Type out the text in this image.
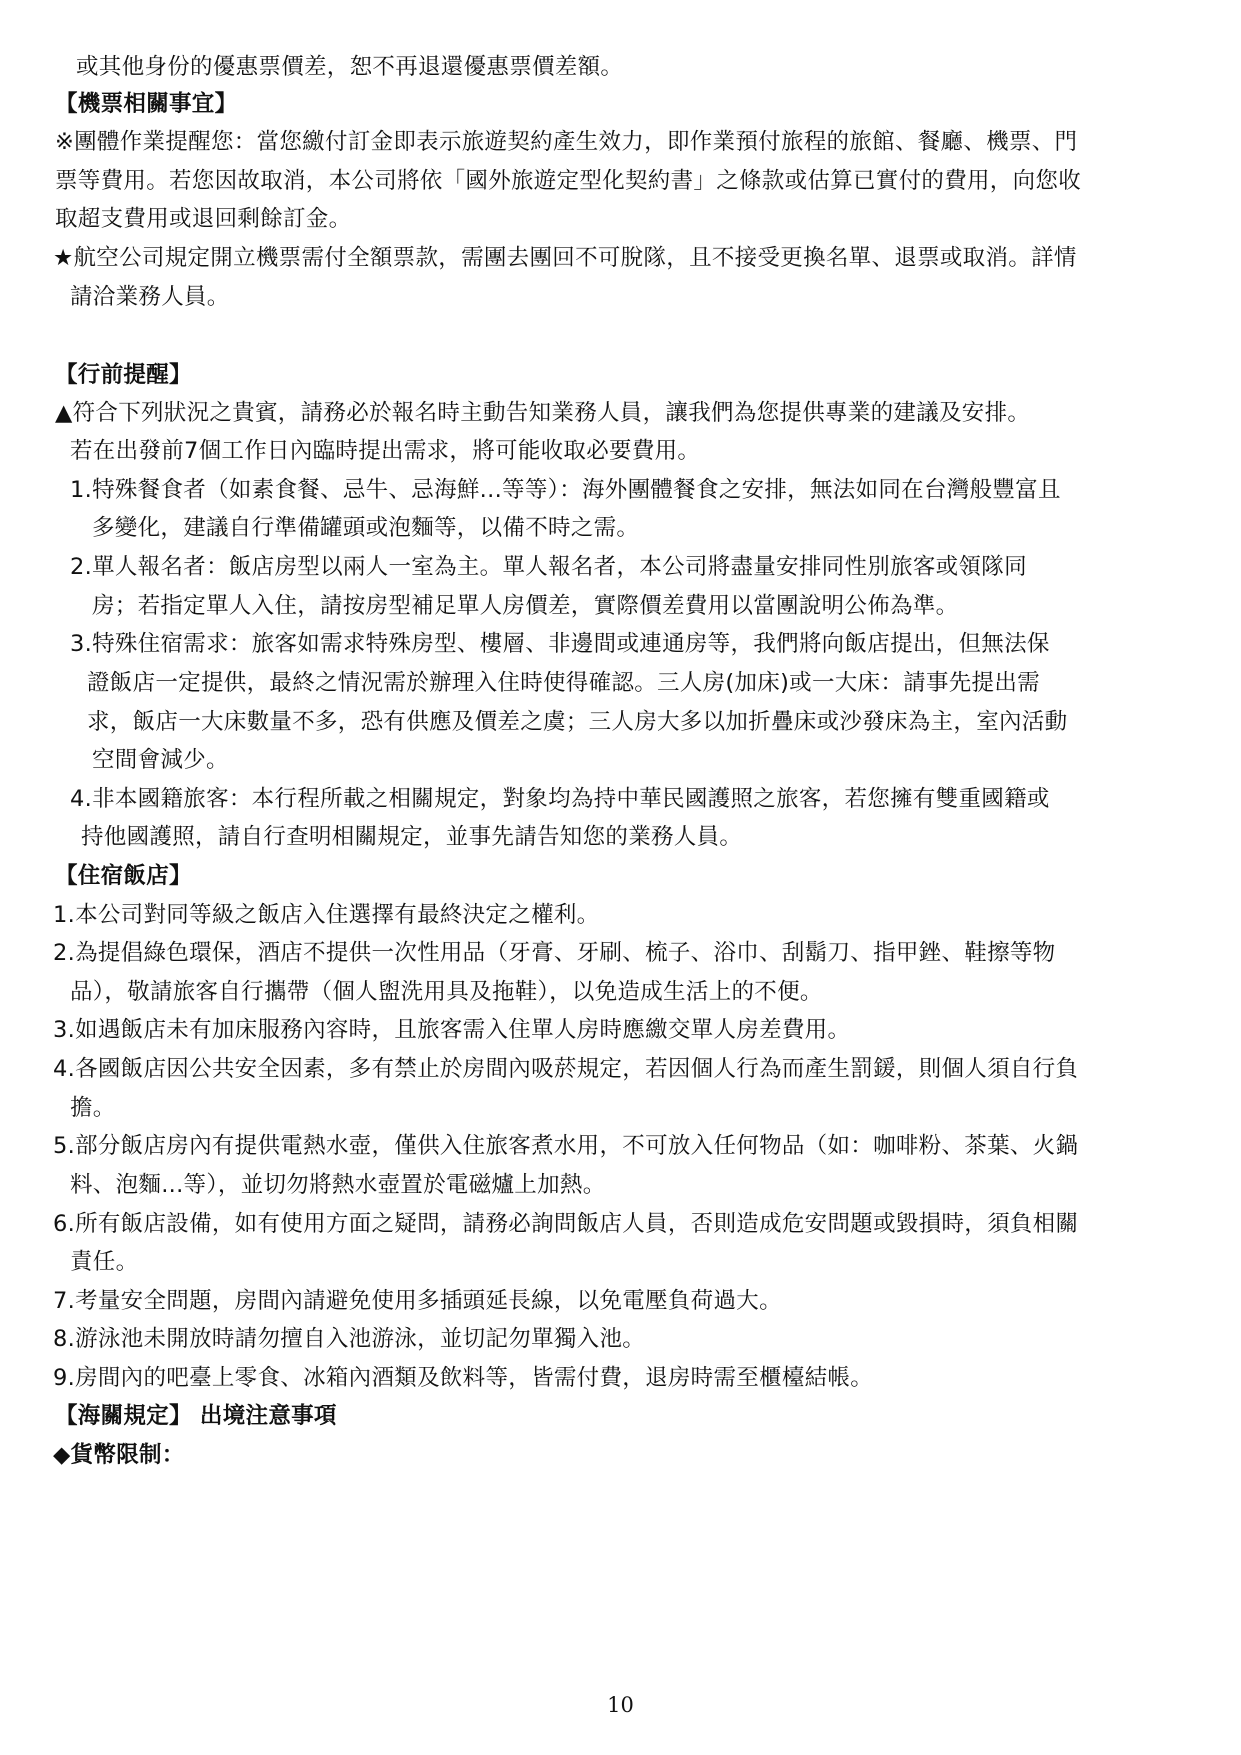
或其他身份的優惠票價差，恕不再退還優惠票價差額。
【機票相關事宜】
※團體作業提醒您：當您繳付訂金即表示旅遊契約產生效力，即作業預付旅程的旅館、餐廳、機票、門
票等費用。若您因故取消，本公司將依「國外旅遊定型化契約書」之條款或估算已實付的費用，向您收
取超支費用或退回剩餘訂金。
★航空公司規定開立機票需付全額票款，需團去團回不可脫隊，且不接受更換名單、退票或取消。詳情
請洽業務人員。
【行前提醒】
▲符合下列狀況之貴賓，請務必於報名時主動告知業務人員，讓我們為您提供專業的建議及安排。
若在出發前7個工作日內臨時提出需求，將可能收取必要費用。
1.特殊餐食者（如素食餐、忌牛、忌海鮮...等等）：海外團體餐食之安排，無法如同在台灣般豐富且
多變化，建議自行準備罐頭或泡麵等，以備不時之需。
2.單人報名者：飯店房型以兩人一室為主。單人報名者，本公司將盡量安排同性別旅客或領隊同
房；若指定單人入住，請按房型補足單人房價差，實際價差費用以當團說明公佈為準。
3.特殊住宿需求：旅客如需求特殊房型、樓層、非邊間或連通房等，我們將向飯店提出，但無法保
證飯店一定提供，最終之情況需於辦理入住時使得確認。三人房(加床)或一大床：請事先提出需
求，飯店一大床數量不多，恐有供應及價差之虞；三人房大多以加折疊床或沙發床為主，室內活動
空間會減少。
4.非本國籍旅客：本行程所載之相關規定，對象均為持中華民國護照之旅客，若您擁有雙重國籍或
持他國護照，請自行查明相關規定，並事先請告知您的業務人員。
【住宿飯店】
1.本公司對同等級之飯店入住選擇有最終決定之權利。
2.為提倡綠色環保，酒店不提供一次性用品（牙膏、牙刷、梳子、浴巾、刮鬍刀、指甲銼、鞋擦等物
品），敬請旅客自行攜帶（個人盥洗用具及拖鞋），以免造成生活上的不便。
3.如遇飯店未有加床服務內容時，且旅客需入住單人房時應繳交單人房差費用。
4.各國飯店因公共安全因素，多有禁止於房間內吸菸規定，若因個人行為而產生罰鍰，則個人須自行負
擔。
5.部分飯店房內有提供電熱水壺，僅供入住旅客煮水用，不可放入任何物品（如：咖啡粉、茶葉、火鍋
料、泡麵...等），並切勿將熱水壺置於電磁爐上加熱。
6.所有飯店設備，如有使用方面之疑問，請務必詢問飯店人員，否則造成危安問題或毀損時，須負相關
責任。
7.考量安全問題，房間內請避免使用多插頭延長線，以免電壓負荷過大。
8.游泳池未開放時請勿擅自入池游泳，並切記勿單獨入池。
9.房間內的吧臺上零食、冰箱內酒類及飲料等，皆需付費，退房時需至櫃檯結帳。
【海關規定】 出境注意事項
◆貨幣限制：
10
